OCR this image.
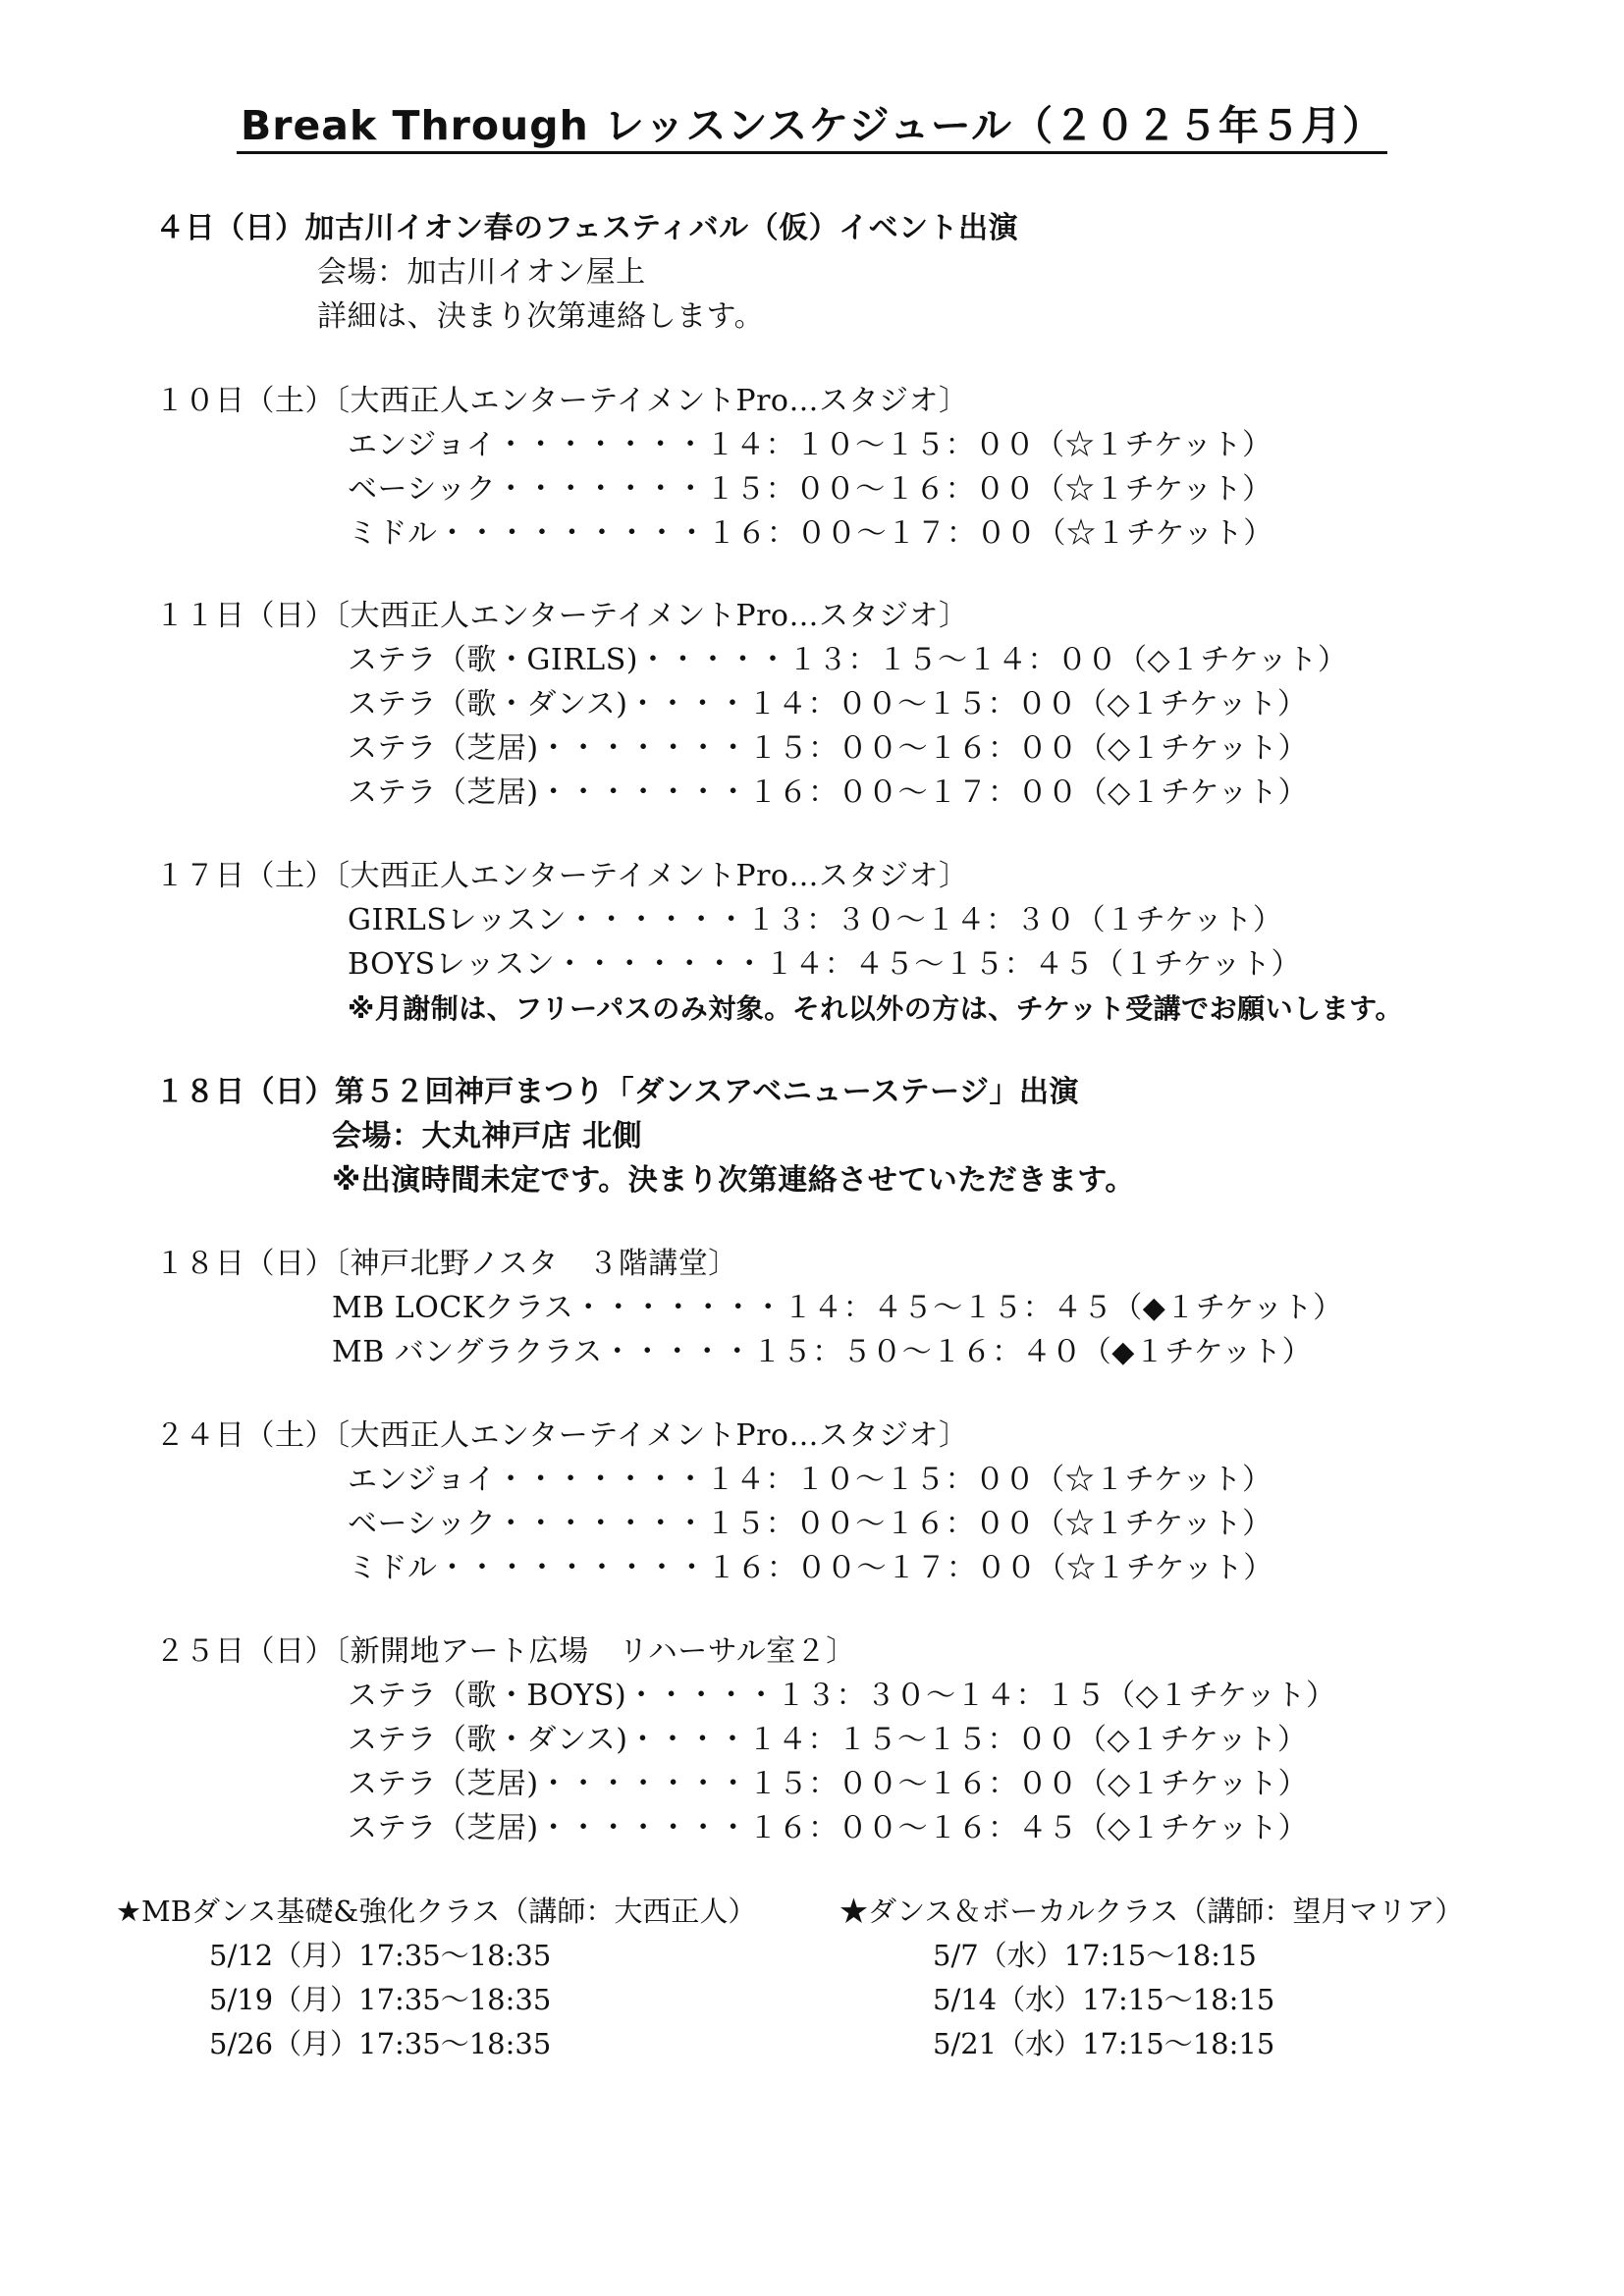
Break Through レッスンスケジュール（２０２５年５月）
４日（日）加古川イオン春のフェスティバル（仮）イベント出演
会場：加古川イオン屋上
詳細は、決まり次第連絡します。
１０日（土）〔大西正人エンターテイメントPro…スタジオ〕
エンジョイ・・・・・・・１４：１０～１５：００（☆１チケット）
ベーシック・・・・・・・１５：００～１６：００（☆１チケット）
ミドル・・・・・・・・・１６：００～１７：００（☆１チケット）
１１日（日）〔大西正人エンターテイメントPro…スタジオ〕
ステラ（歌・GIRLS)・・・・・１３：１５～１４：００（◇１チケット）
ステラ（歌・ダンス)・・・・１４：００～１５：００（◇１チケット）
ステラ（芝居)・・・・・・・１５：００～１６：００（◇１チケット）
ステラ（芝居)・・・・・・・１６：００～１７：００（◇１チケット）
１７日（土）〔大西正人エンターテイメントPro…スタジオ〕
GIRLSレッスン・・・・・・１３：３０～１４：３０（１チケット）
BOYSレッスン・・・・・・・１４：４５～１５：４５（１チケット）
※月謝制は、フリーパスのみ対象。それ以外の方は、チケット受講でお願いします。
１８日（日）第５２回神戸まつり「ダンスアベニューステージ」出演
会場：大丸神戸店 北側
※出演時間未定です。決まり次第連絡させていただきます。
１８日（日）〔神戸北野ノスタ　３階講堂〕
MB LOCKクラス・・・・・・・１４：４５～１５：４５（◆１チケット）
MB バングラクラス・・・・・１５：５０～１６：４０（◆１チケット）
２４日（土）〔大西正人エンターテイメントPro…スタジオ〕
エンジョイ・・・・・・・１４：１０～１５：００（☆１チケット）
ベーシック・・・・・・・１５：００～１６：００（☆１チケット）
ミドル・・・・・・・・・１６：００～１７：００（☆１チケット）
２５日（日）〔新開地アート広場　リハーサル室２〕
ステラ（歌・BOYS)・・・・・１３：３０～１４：１５（◇１チケット）
ステラ（歌・ダンス)・・・・１４：１５～１５：００（◇１チケット）
ステラ（芝居)・・・・・・・１５：００～１６：００（◇１チケット）
ステラ（芝居)・・・・・・・１６：００～１６：４５（◇１チケット）
★MBダンス基礎&強化クラス（講師：大西正人）
5/12（月）17:35～18:35
5/19（月）17:35～18:35
5/26（月）17:35～18:35
★ダンス＆ボーカルクラス（講師：望月マリア）
5/7（水）17:15～18:15
5/14（水）17:15～18:15
5/21（水）17:15～18:15
